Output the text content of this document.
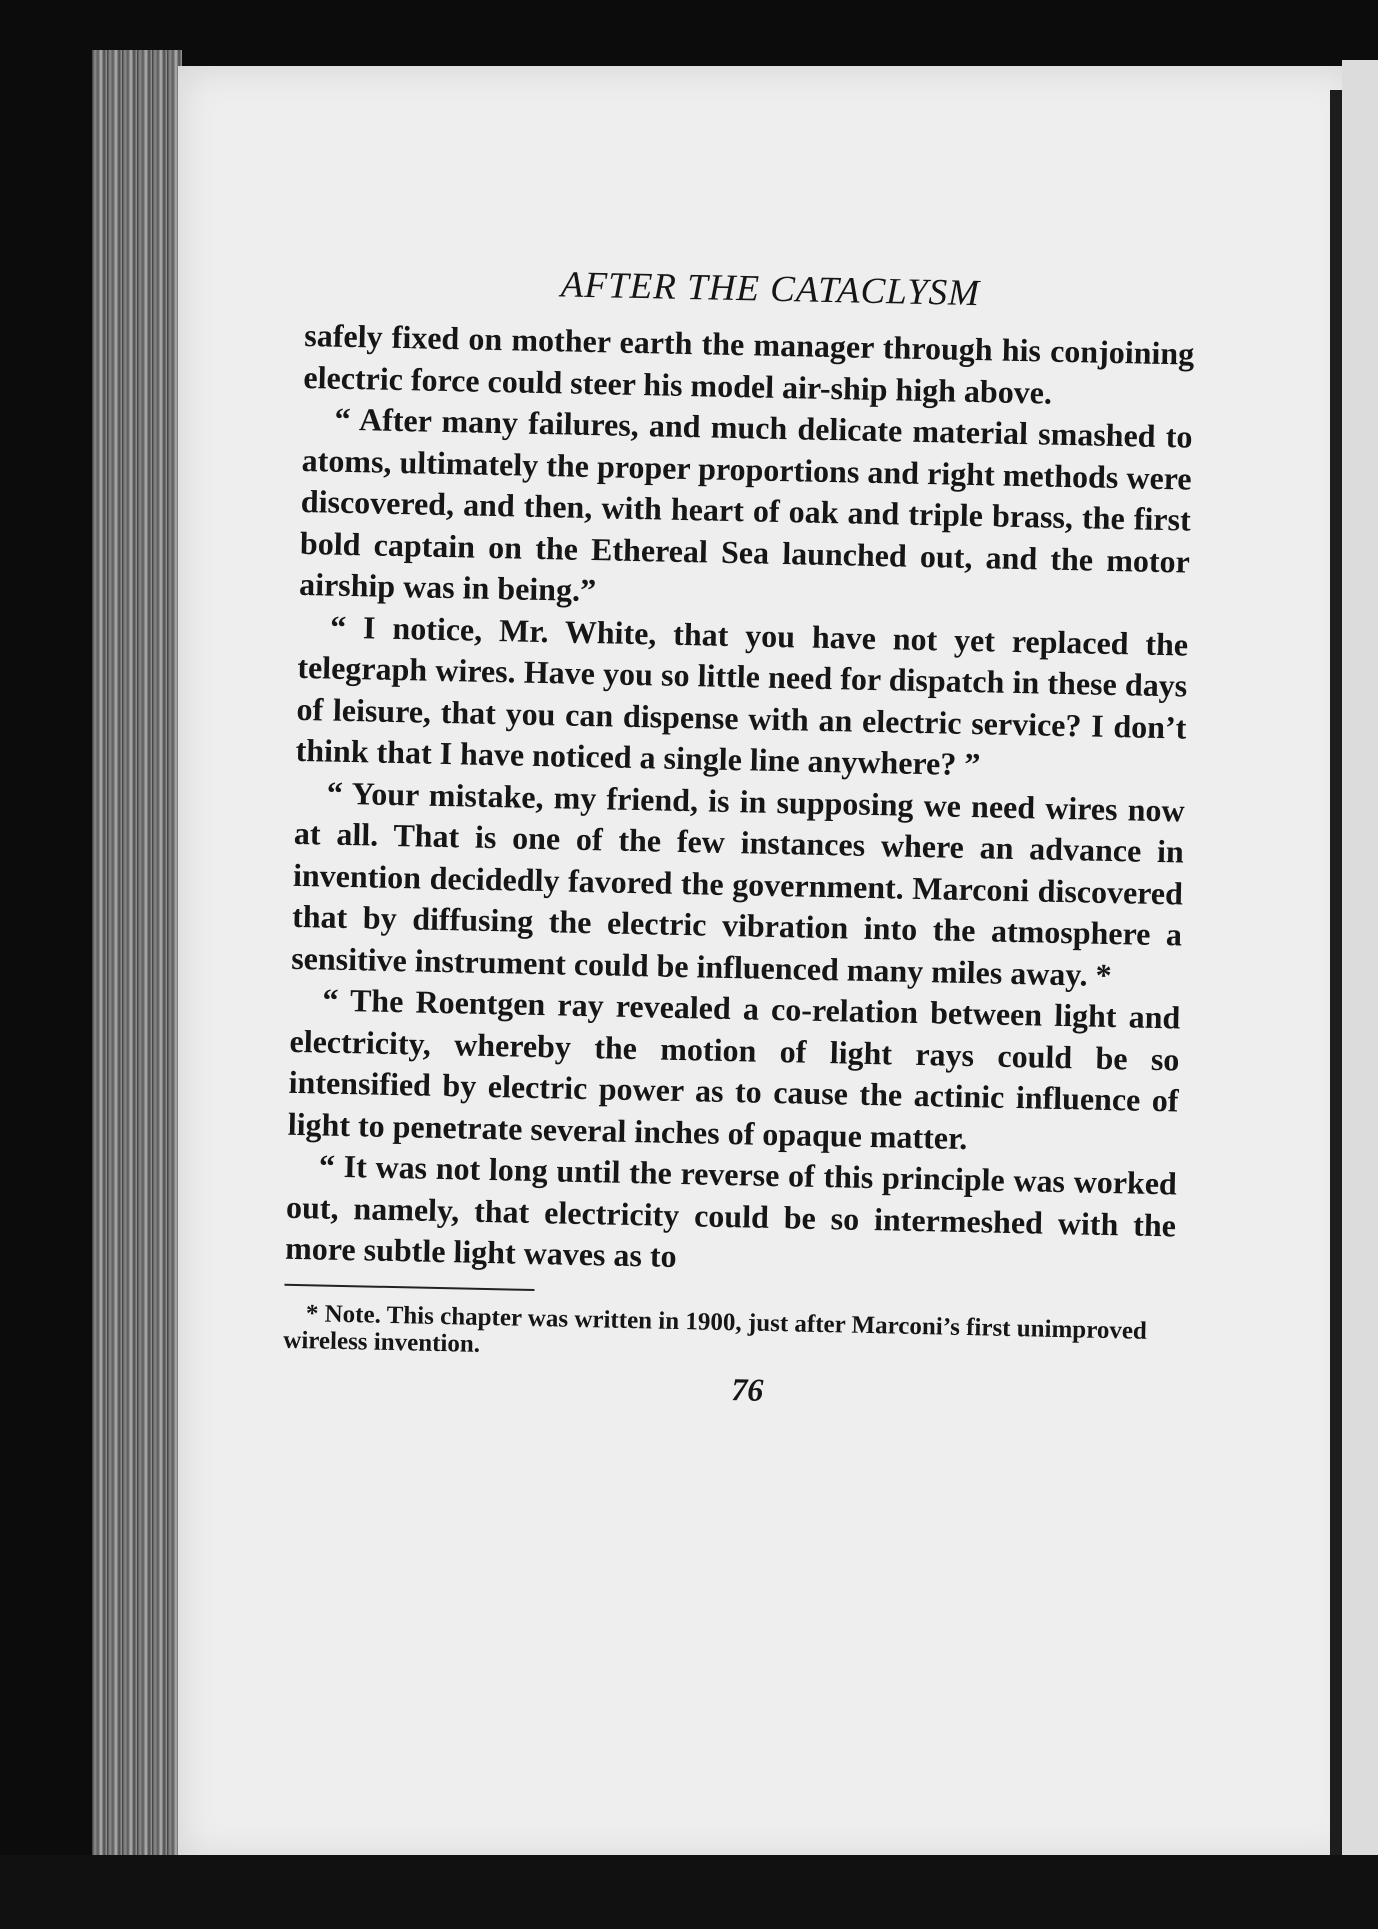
AFTER THE CATACLYSM

safely fixed on mother earth the manager through his conjoining electric force could steer his model air-ship high above.

“ After many failures, and much delicate material smashed to atoms, ultimately the proper proportions and right methods were discovered, and then, with heart of oak and triple brass, the first bold captain on the Ethereal Sea launched out, and the motor airship was in being.”

“ I notice, Mr. White, that you have not yet replaced the telegraph wires. Have you so little need for dispatch in these days of leisure, that you can dispense with an electric service? I don’t think that I have noticed a single line anywhere? ”

“ Your mistake, my friend, is in supposing we need wires now at all. That is one of the few instances where an advance in invention decidedly favored the government. Marconi discovered that by diffusing the electric vibration into the atmosphere a sensitive instrument could be influenced many miles away. *

“ The Roentgen ray revealed a co-relation between light and electricity, whereby the motion of light rays could be so intensified by electric power as to cause the actinic influence of light to penetrate several inches of opaque matter.

“ It was not long until the reverse of this principle was worked out, namely, that electricity could be so intermeshed with the more subtle light waves as to

* Note. This chapter was written in 1900, just after Marconi’s first unimproved wireless invention.

76
